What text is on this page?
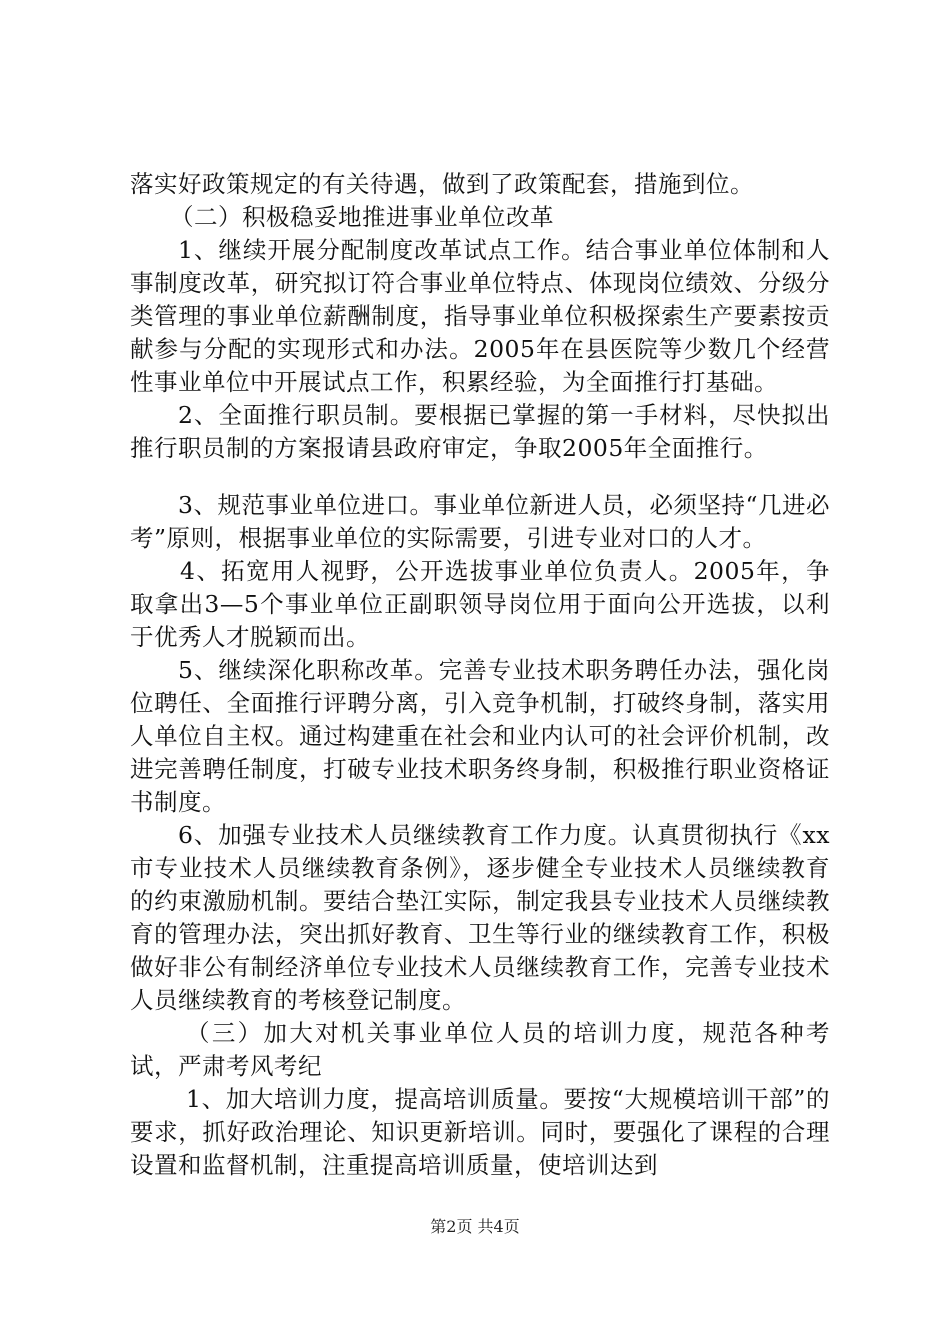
落实好政策规定的有关待遇，做到了政策配套，措施到位。

（二）积极稳妥地推进事业单位改革

1、继续开展分配制度改革试点工作。结合事业单位体制和人事制度改革，研究拟订符合事业单位特点、体现岗位绩效、分级分类管理的事业单位薪酬制度，指导事业单位积极探索生产要素按贡献参与分配的实现形式和办法。2005年在县医院等少数几个经营性事业单位中开展试点工作，积累经验，为全面推行打基础。

2、全面推行职员制。要根据已掌握的第一手材料，尽快拟出推行职员制的方案报请县政府审定，争取2005年全面推行。

3、规范事业单位进口。事业单位新进人员，必须坚持“几进必考”原则，根据事业单位的实际需要，引进专业对口的人才。

4、拓宽用人视野，公开选拔事业单位负责人。2005年，争取拿出3—5个事业单位正副职领导岗位用于面向公开选拔，以利于优秀人才脱颖而出。

5、继续深化职称改革。完善专业技术职务聘任办法，强化岗位聘任、全面推行评聘分离，引入竞争机制，打破终身制，落实用人单位自主权。通过构建重在社会和业内认可的社会评价机制，改进完善聘任制度，打破专业技术职务终身制，积极推行职业资格证书制度。

6、加强专业技术人员继续教育工作力度。认真贯彻执行《xx市专业技术人员继续教育条例》，逐步健全专业技术人员继续教育的约束激励机制。要结合垫江实际，制定我县专业技术人员继续教育的管理办法，突出抓好教育、卫生等行业的继续教育工作，积极做好非公有制经济单位专业技术人员继续教育工作，完善专业技术人员继续教育的考核登记制度。

（三）加大对机关事业单位人员的培训力度，规范各种考试，严肃考风考纪

1、加大培训力度，提高培训质量。要按“大规模培训干部”的要求，抓好政治理论、知识更新培训。同时，要强化了课程的合理设置和监督机制，注重提高培训质量，使培训达到

第2页 共4页
